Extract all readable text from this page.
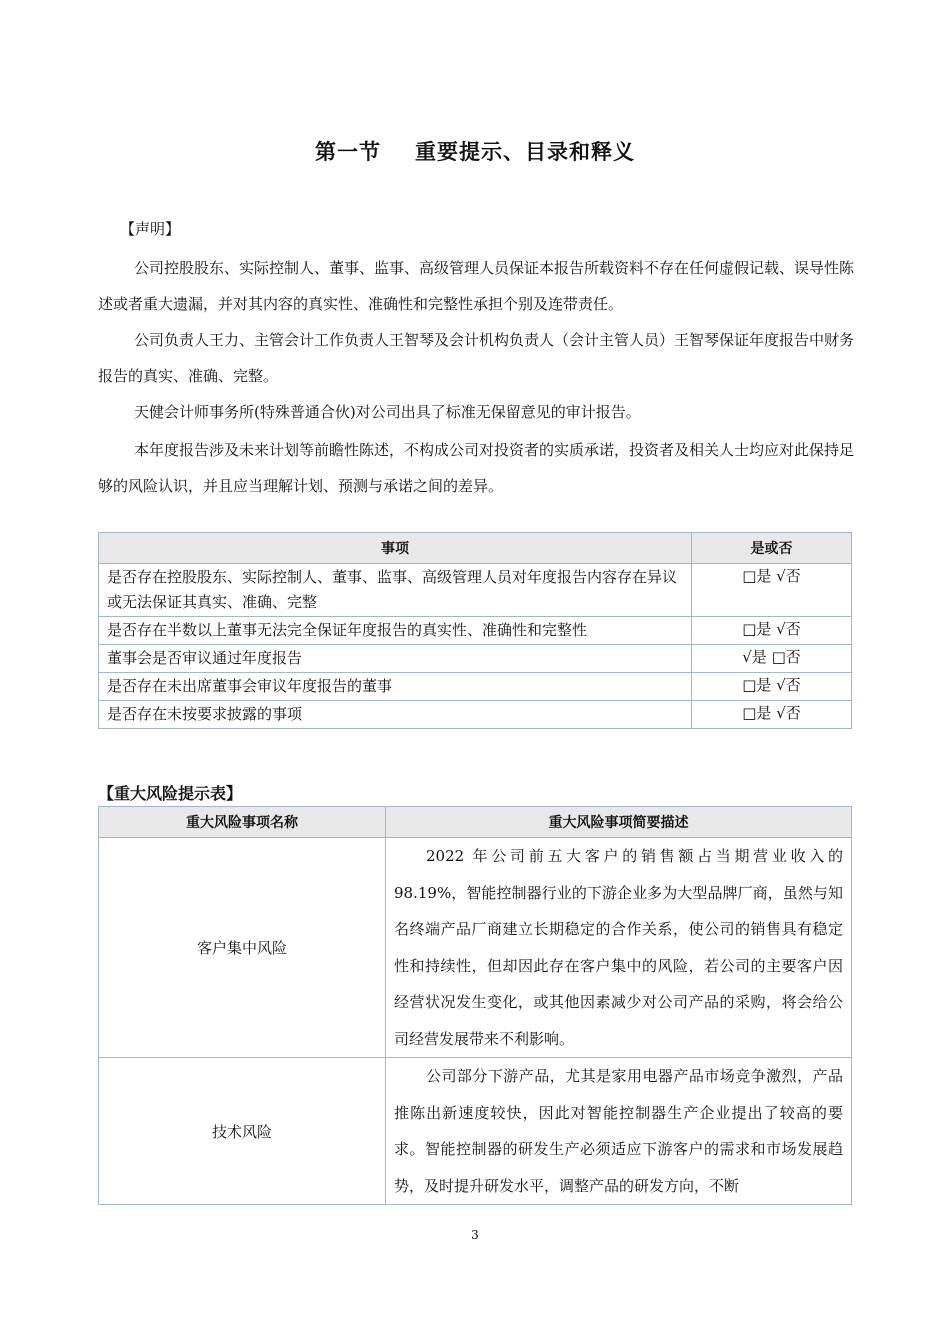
第一节 重要提示、目录和释义
【声明】

公司控股股东、实际控制人、董事、监事、高级管理人员保证本报告所载资料不存在任何虚假记载、误导性陈述或者重大遗漏，并对其内容的真实性、准确性和完整性承担个别及连带责任。

公司负责人王力、主管会计工作负责人王智琴及会计机构负责人（会计主管人员）王智琴保证年度报告中财务报告的真实、准确、完整。

天健会计师事务所(特殊普通合伙)对公司出具了标准无保留意见的审计报告。

本年度报告涉及未来计划等前瞻性陈述，不构成公司对投资者的实质承诺，投资者及相关人士均应对此保持足够的风险认识，并且应当理解计划、预测与承诺之间的差异。

事项	是或否
是否存在控股股东、实际控制人、董事、监事、高级管理人员对年度报告内容存在异议或无法保证其真实、准确、完整	□是 √否
是否存在半数以上董事无法完全保证年度报告的真实性、准确性和完整性	□是 √否
董事会是否审议通过年度报告	√是 □否
是否存在未出席董事会审议年度报告的董事	□是 √否
是否存在未按要求披露的事项	□是 √否
【重大风险提示表】
重大风险事项名称	重大风险事项简要描述
客户集中风险	2022 年公司前五大客户的销售额占当期营业收入的 98.19%，智能控制器行业的下游企业多为大型品牌厂商，虽然与知名终端产品厂商建立长期稳定的合作关系，使公司的销售具有稳定性和持续性，但却因此存在客户集中的风险，若公司的主要客户因经营状况发生变化，或其他因素减少对公司产品的采购，将会给公司经营发展带来不利影响。
技术风险	公司部分下游产品，尤其是家用电器产品市场竞争激烈，产品推陈出新速度较快，因此对智能控制器生产企业提出了较高的要求。智能控制器的研发生产必须适应下游客户的需求和市场发展趋势，及时提升研发水平，调整产品的研发方向，不断
3
